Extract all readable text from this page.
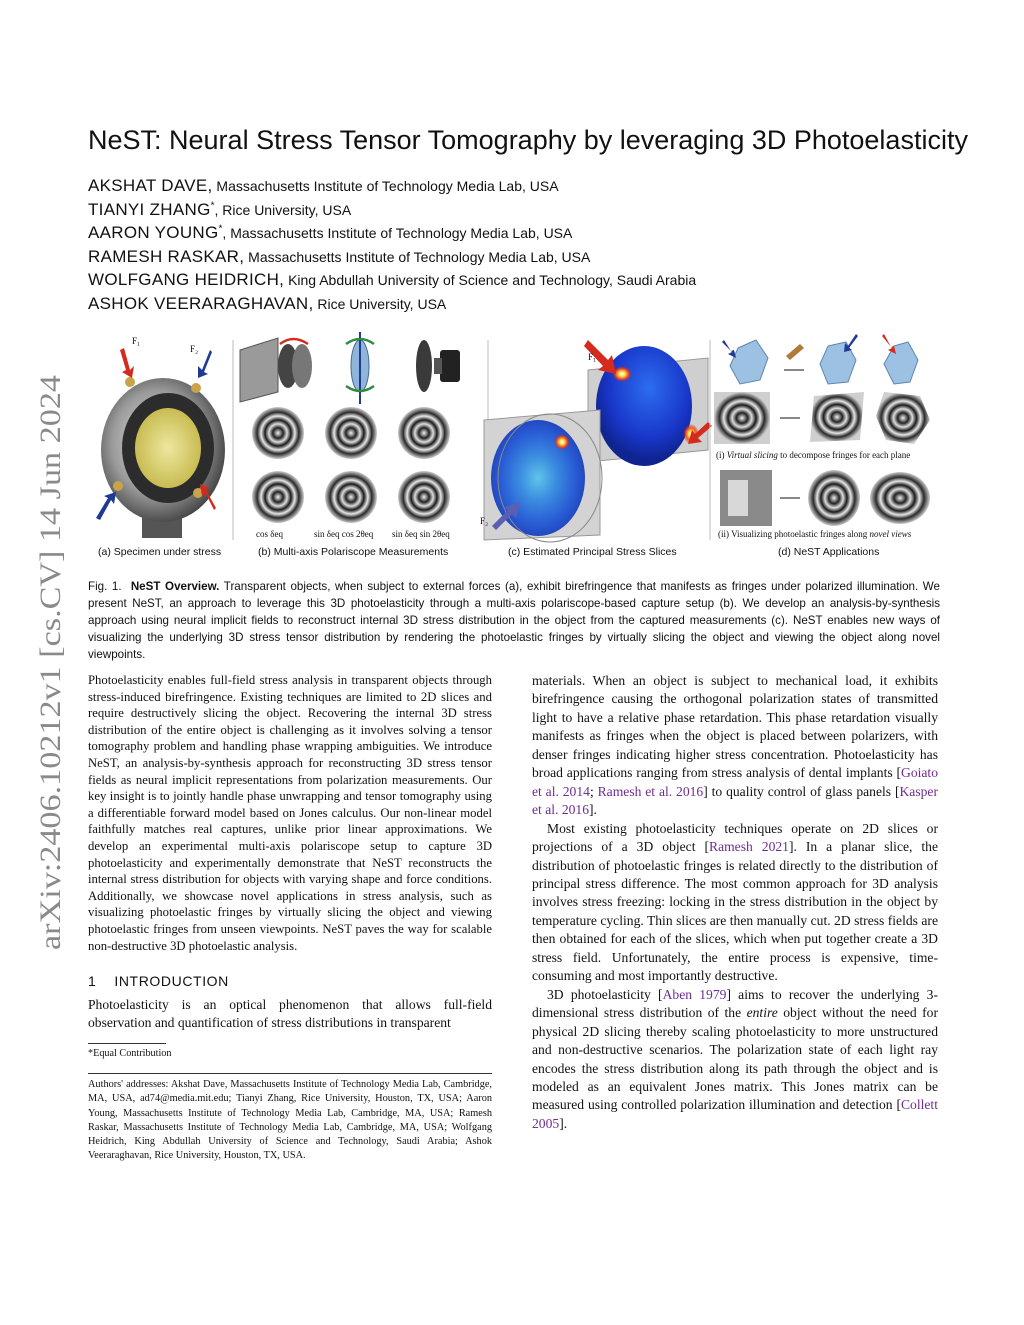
arXiv:2406.10212v1 [cs.CV] 14 Jun 2024
NeST: Neural Stress Tensor Tomography by leveraging 3D Photoelasticity
AKSHAT DAVE, Massachusetts Institute of Technology Media Lab, USA
TIANYI ZHANG*, Rice University, USA
AARON YOUNG*, Massachusetts Institute of Technology Media Lab, USA
RAMESH RASKAR, Massachusetts Institute of Technology Media Lab, USA
WOLFGANG HEIDRICH, King Abdullah University of Science and Technology, Saudi Arabia
ASHOK VEERARAGHAVAN, Rice University, USA
F₁
F₂
(a) Specimen under stress
cos δeq	sin δeq cos 2θeq sin δeq sin 2θeq
(b) Multi-axis Polariscope Measurements
F₁
F₂
(c) Estimated Principal Stress Slices
(i) Virtual slicing to decompose fringes for each plane
(ii) Visualizing photoelastic fringes along novel views
(d) NeST Applications
Fig. 1. NeST Overview. Transparent objects, when subject to external forces (a), exhibit birefringence that manifests as fringes under polarized illumination. We present NeST, an approach to leverage this 3D photoelasticity through a multi-axis polariscope-based capture setup (b). We develop an analysis-by-synthesis approach using neural implicit fields to reconstruct internal 3D stress distribution in the object from the captured measurements (c). NeST enables new ways of visualizing the underlying 3D stress tensor distribution by rendering the photoelastic fringes by virtually slicing the object and viewing the object along novel viewpoints.
Photoelasticity enables full-field stress analysis in transparent objects through stress-induced birefringence. Existing techniques are limited to 2D slices and require destructively slicing the object. Recovering the internal 3D stress distribution of the entire object is challenging as it involves solving a tensor tomography problem and handling phase wrapping ambiguities. We introduce NeST, an analysis-by-synthesis approach for reconstructing 3D stress tensor fields as neural implicit representations from polarization measurements. Our key insight is to jointly handle phase unwrapping and tensor tomography using a differentiable forward model based on Jones calculus. Our non-linear model faithfully matches real captures, unlike prior linear approximations. We develop an experimental multi-axis polariscope setup to capture 3D photoelasticity and experimentally demonstrate that NeST reconstructs the internal stress distribution for objects with varying shape and force conditions. Additionally, we showcase novel applications in stress analysis, such as visualizing photoelastic fringes by virtually slicing the object and viewing photoelastic fringes from unseen viewpoints. NeST paves the way for scalable non-destructive 3D photoelastic analysis.
1 INTRODUCTION
Photoelasticity is an optical phenomenon that allows full-field observation and quantification of stress distributions in transparent
*Equal Contribution
Authors' addresses: Akshat Dave, Massachusetts Institute of Technology Media Lab, Cambridge, MA, USA, ad74@media.mit.edu; Tianyi Zhang, Rice University, Houston, TX, USA; Aaron Young, Massachusetts Institute of Technology Media Lab, Cambridge, MA, USA; Ramesh Raskar, Massachusetts Institute of Technology Media Lab, Cambridge, MA, USA; Wolfgang Heidrich, King Abdullah University of Science and Technology, Saudi Arabia; Ashok Veeraraghavan, Rice University, Houston, TX, USA.

materials. When an object is subject to mechanical load, it exhibits birefringence causing the orthogonal polarization states of transmitted light to have a relative phase retardation. This phase retardation visually manifests as fringes when the object is placed between polarizers, with denser fringes indicating higher stress concentration. Photoelasticity has broad applications ranging from stress analysis of dental implants [Goiato et al. 2014; Ramesh et al. 2016] to quality control of glass panels [Kasper et al. 2016].

Most existing photoelasticity techniques operate on 2D slices or projections of a 3D object [Ramesh 2021]. In a planar slice, the distribution of photoelastic fringes is related directly to the distribution of principal stress difference. The most common approach for 3D analysis involves stress freezing: locking in the stress distribution in the object by temperature cycling. Thin slices are then manually cut. 2D stress fields are then obtained for each of the slices, which when put together create a 3D stress field. Unfortunately, the entire process is expensive, time-consuming and most importantly destructive.

3D photoelasticity [Aben 1979] aims to recover the underlying 3-dimensional stress distribution of the entire object without the need for physical 2D slicing thereby scaling photoelasticity to more unstructured and non-destructive scenarios. The polarization state of each light ray encodes the stress distribution along its path through the object and is modeled as an equivalent Jones matrix. This Jones matrix can be measured using controlled polarization illumination and detection [Collett 2005].
